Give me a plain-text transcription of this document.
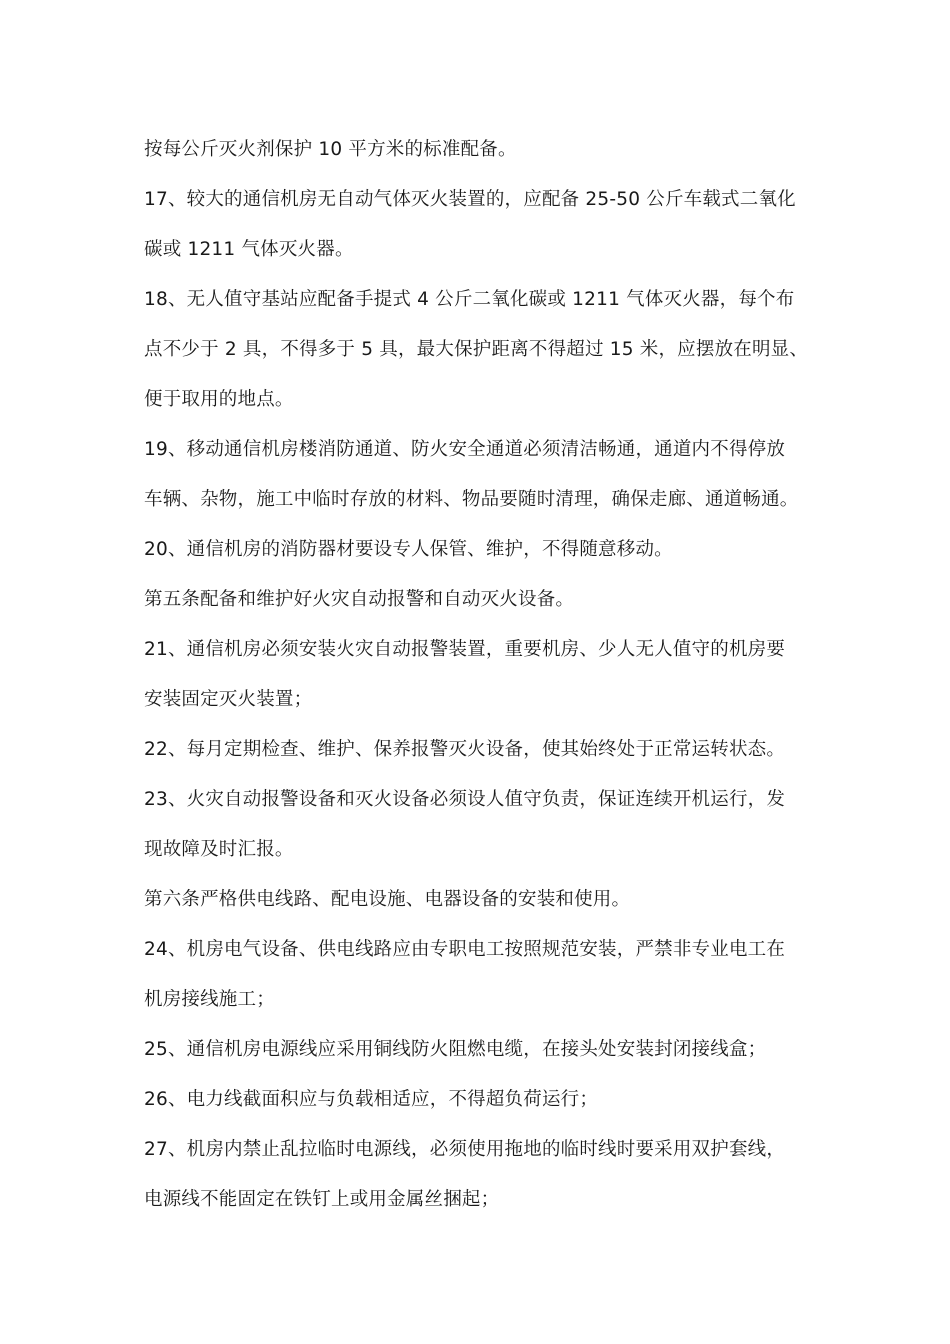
按每公斤灭火剂保护 10 平方米的标准配备。
17、较大的通信机房无自动气体灭火装置的，应配备 25-50 公斤车载式二氧化
碳或 1211 气体灭火器。
18、无人值守基站应配备手提式 4 公斤二氧化碳或 1211 气体灭火器，每个布
点不少于 2 具，不得多于 5 具，最大保护距离不得超过 15 米，应摆放在明显、
便于取用的地点。
19、移动通信机房楼消防通道、防火安全通道必须清洁畅通，通道内不得停放
车辆、杂物，施工中临时存放的材料、物品要随时清理，确保走廊、通道畅通。
20、通信机房的消防器材要设专人保管、维护，不得随意移动。
第五条配备和维护好火灾自动报警和自动灭火设备。
21、通信机房必须安装火灾自动报警装置，重要机房、少人无人值守的机房要
安装固定灭火装置；
22、每月定期检查、维护、保养报警灭火设备，使其始终处于正常运转状态。
23、火灾自动报警设备和灭火设备必须设人值守负责，保证连续开机运行，发
现故障及时汇报。
第六条严格供电线路、配电设施、电器设备的安装和使用。
24、机房电气设备、供电线路应由专职电工按照规范安装，严禁非专业电工在
机房接线施工；
25、通信机房电源线应采用铜线防火阻燃电缆，在接头处安装封闭接线盒；
26、电力线截面积应与负载相适应，不得超负荷运行；
27、机房内禁止乱拉临时电源线，必须使用拖地的临时线时要采用双护套线，
电源线不能固定在铁钉上或用金属丝捆起；
